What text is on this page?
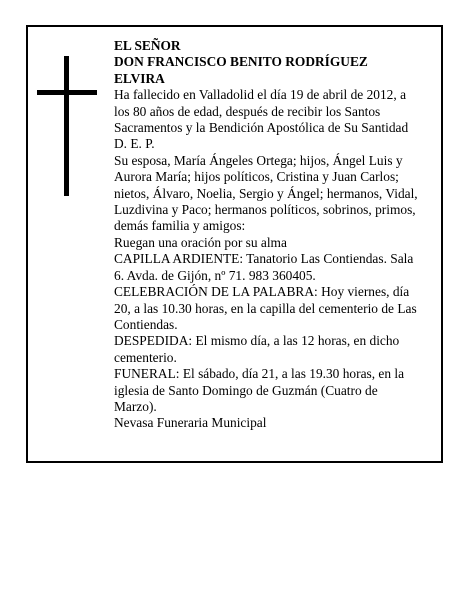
EL SEÑOR
DON FRANCISCO BENITO RODRÍGUEZ ELVIRA
Ha fallecido en Valladolid el día 19 de abril de 2012, a los 80 años de edad, después de recibir los Santos Sacramentos y la Bendición Apostólica de Su Santidad D. E. P.
Su esposa, María Ángeles Ortega; hijos, Ángel Luis y Aurora María; hijos políticos, Cristina y Juan Carlos; nietos, Álvaro, Noelia, Sergio y Ángel; hermanos, Vidal, Luzdivina y Paco; hermanos políticos, sobrinos, primos, demás familia y amigos:
Ruegan una oración por su alma
CAPILLA ARDIENTE: Tanatorio Las Contiendas. Sala 6. Avda. de Gijón, nº 71. 983 360405.
CELEBRACIÓN DE LA PALABRA: Hoy viernes, día 20, a las 10.30 horas, en la capilla del cementerio de Las Contiendas.
DESPEDIDA: El mismo día, a las 12 horas, en dicho cementerio.
FUNERAL: El sábado, día 21, a las 19.30 horas, en la iglesia de Santo Domingo de Guzmán (Cuatro de Marzo).
Nevasa Funeraria Municipal
